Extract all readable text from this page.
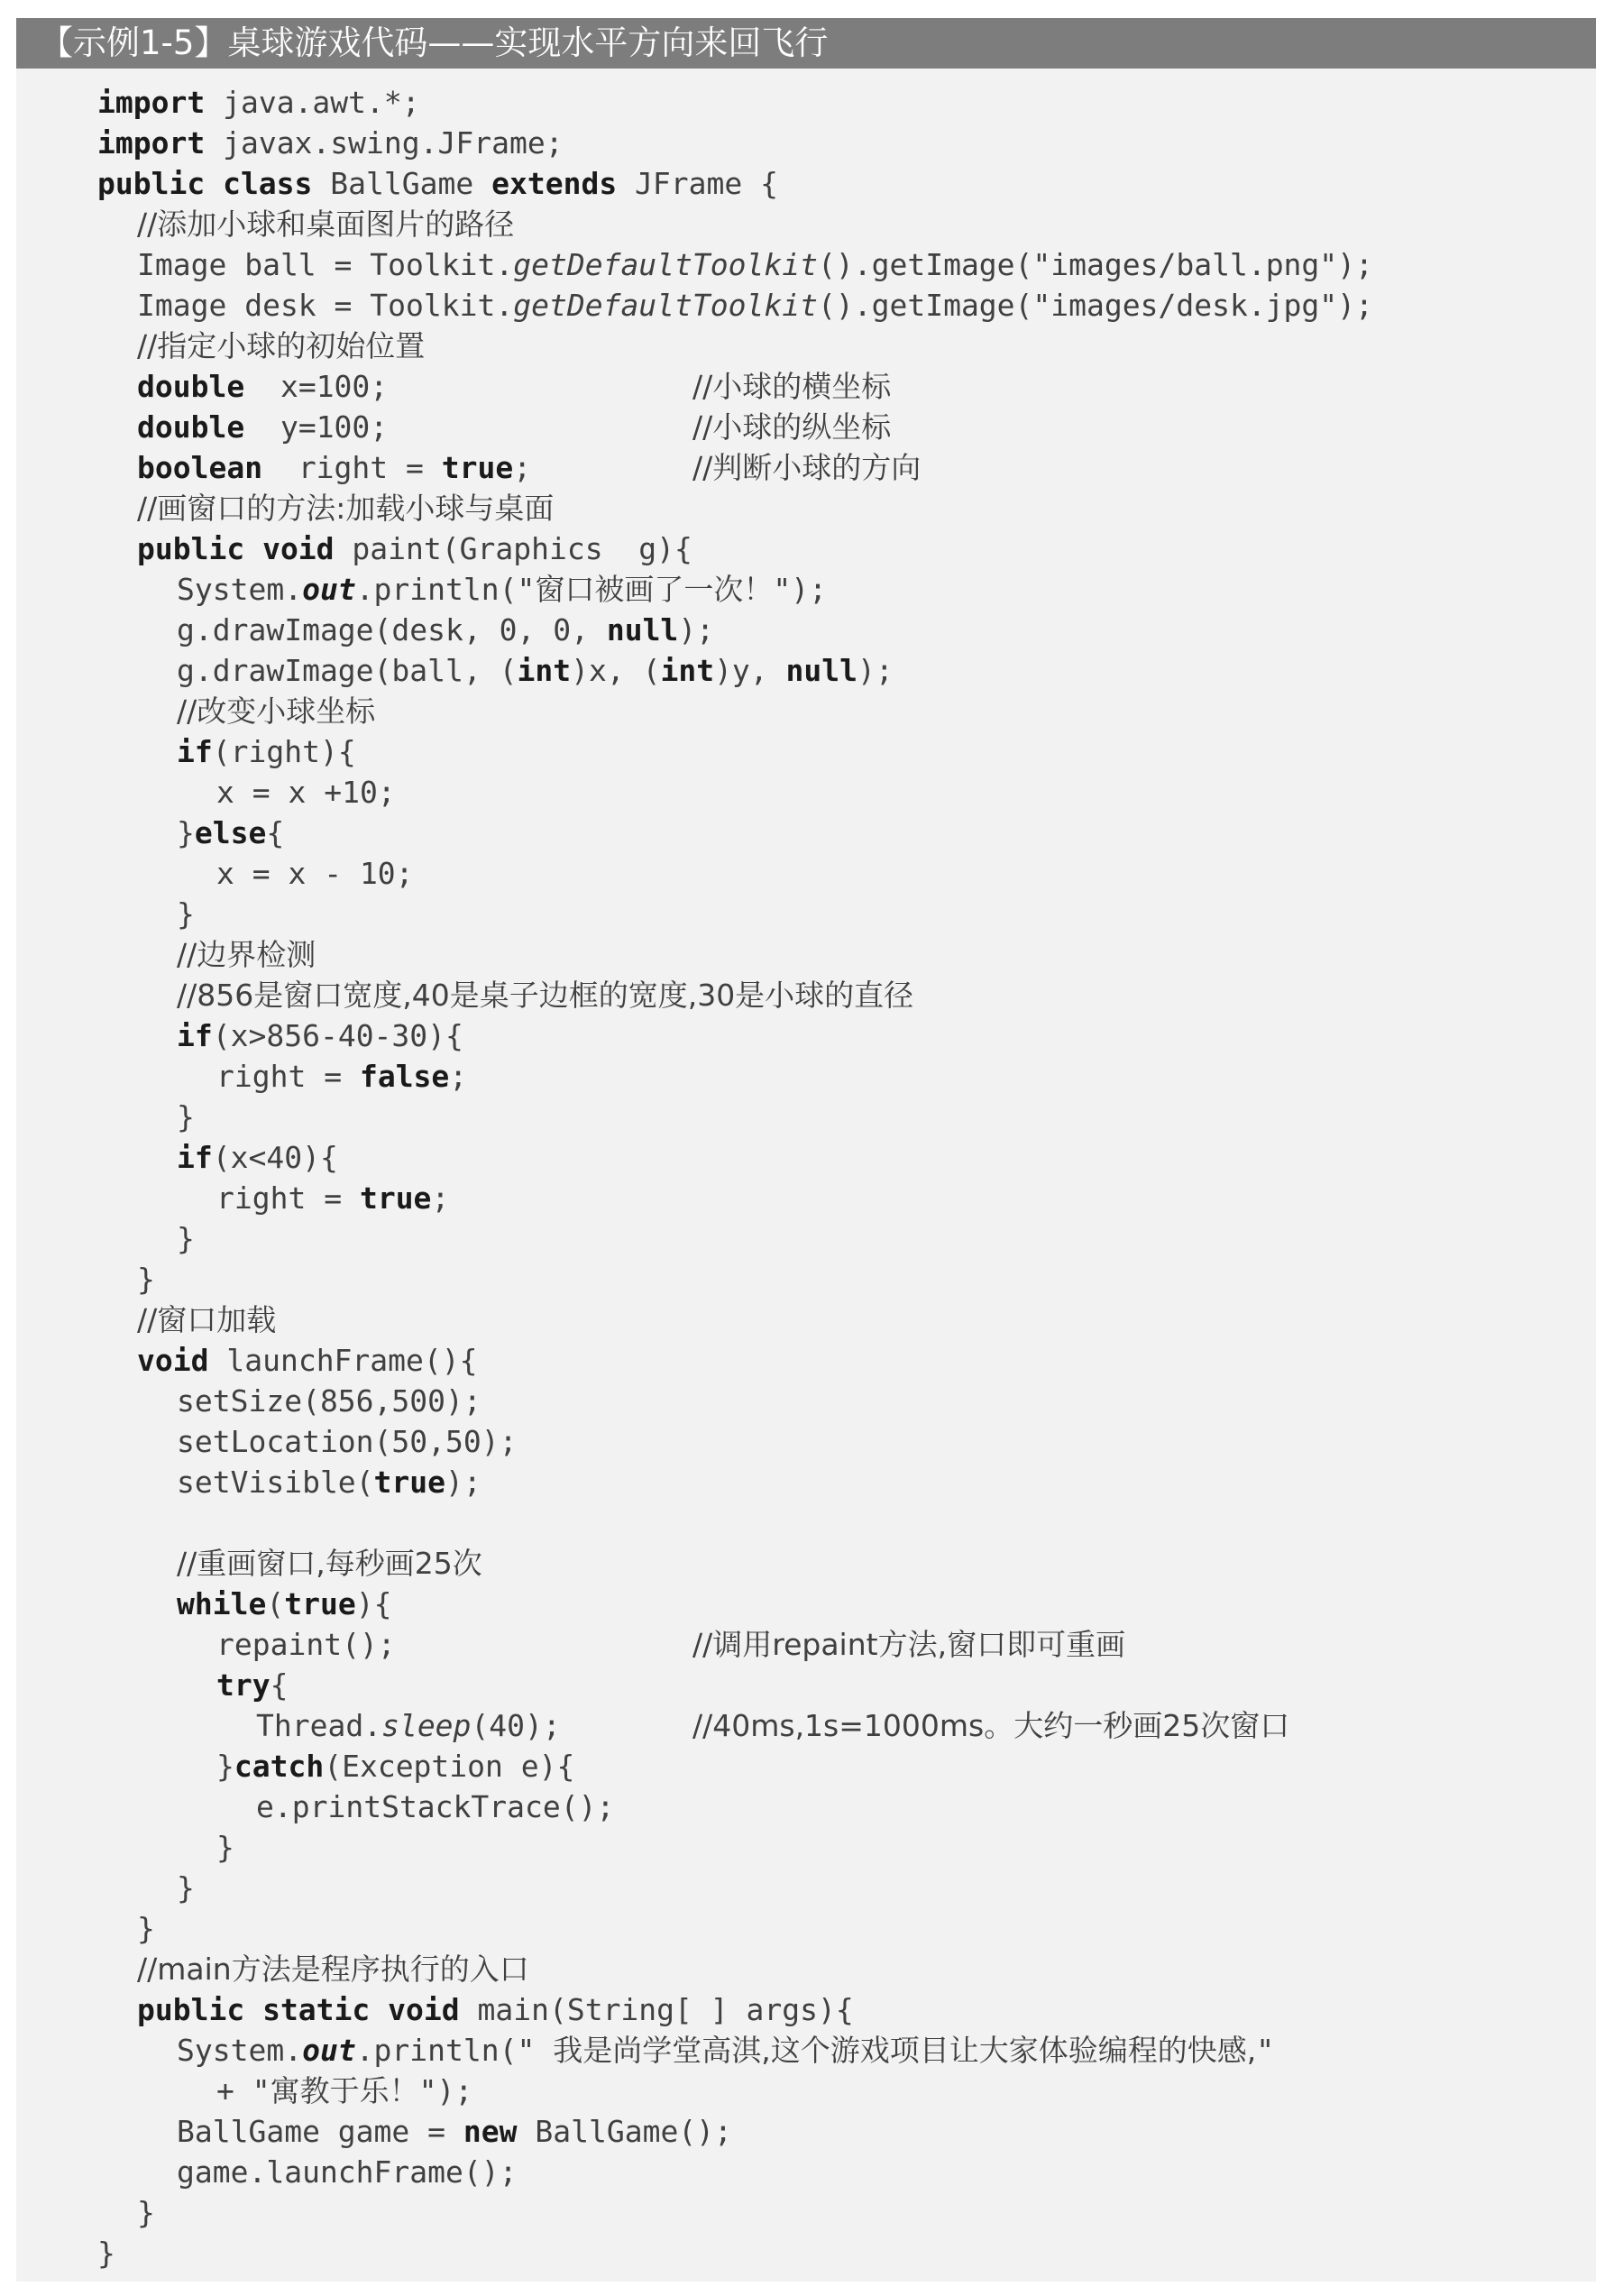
【示例1-5】桌球游戏代码——实现水平方向来回飞行
import java.awt.*;
import javax.swing.JFrame;
public class BallGame extends JFrame {
//添加小球和桌面图片的路径
Image ball = Toolkit.getDefaultToolkit().getImage("images/ball.png");
Image desk = Toolkit.getDefaultToolkit().getImage("images/desk.jpg");
//指定小球的初始位置
double  x=100;	//小球的横坐标
double  y=100;	//小球的纵坐标
boolean  right = true;	//判断小球的方向
//画窗口的方法:加载小球与桌面
public void paint(Graphics  g){
System.out.println("窗口被画了一次！");
g.drawImage(desk, 0, 0, null);
g.drawImage(ball, (int)x, (int)y, null);
//改变小球坐标
if(right){
x = x +10;
}else{
x = x - 10;
}
//边界检测
//856是窗口宽度,40是桌子边框的宽度,30是小球的直径
if(x>856-40-30){
right = false;
}
if(x<40){
right = true;
}
}
//窗口加载
void launchFrame(){
setSize(856,500);
setLocation(50,50);
setVisible(true);
//重画窗口,每秒画25次
while(true){
repaint();	//调用repaint方法,窗口即可重画
try{
Thread.sleep(40);	//40ms,1s=1000ms。大约一秒画25次窗口
}catch(Exception e){
e.printStackTrace();
}
}
}
//main方法是程序执行的入口
public static void main(String[ ] args){
System.out.println(" 我是尚学堂高淇,这个游戏项目让大家体验编程的快感,"
+ "寓教于乐！");
BallGame game = new BallGame();
game.launchFrame();
}
}
